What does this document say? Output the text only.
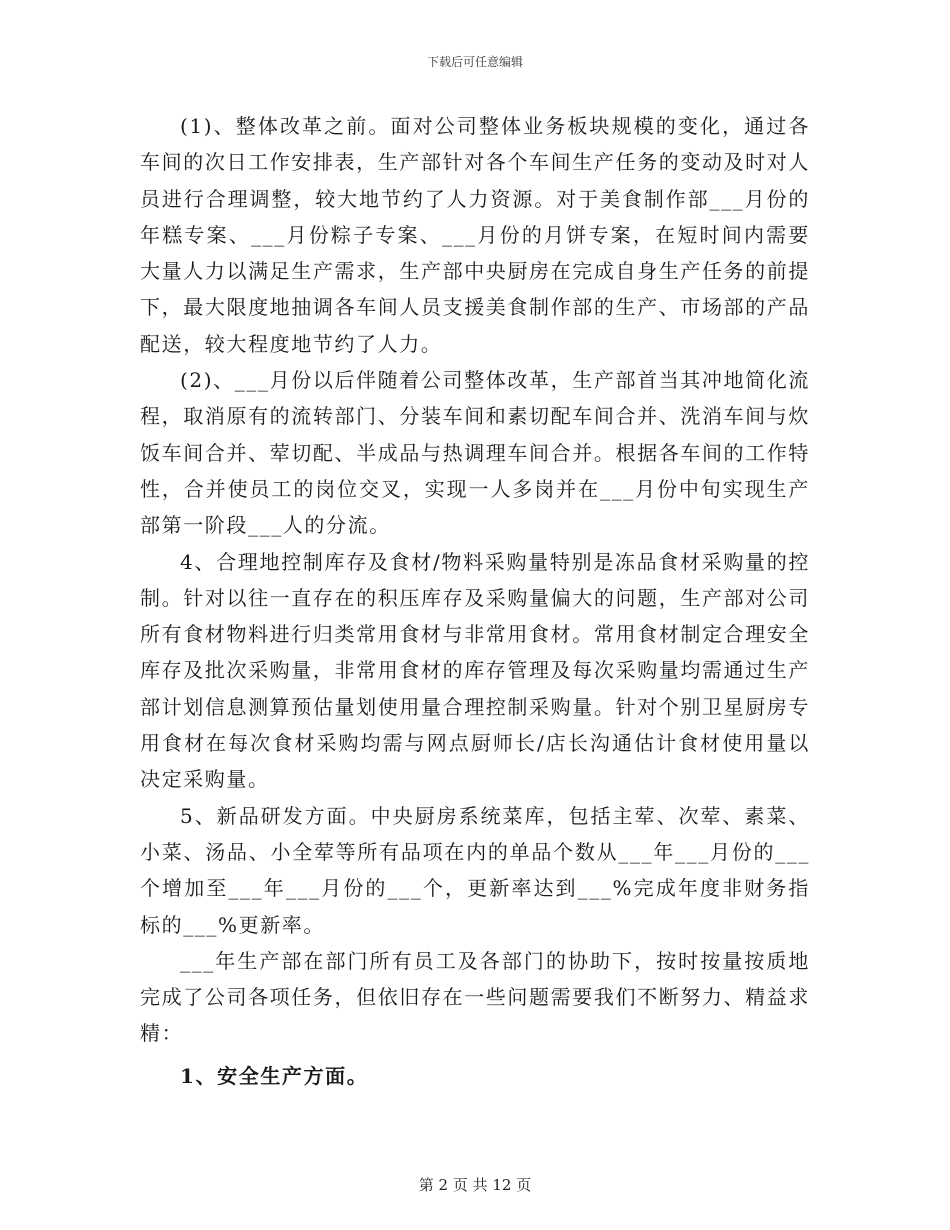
下载后可任意编辑

(1)、整体改革之前。面对公司整体业务板块规模的变化，通过各车间的次日工作安排表，生产部针对各个车间生产任务的变动及时对人员进行合理调整，较大地节约了人力资源。对于美食制作部___月份的年糕专案、___月份粽子专案、___月份的月饼专案，在短时间内需要大量人力以满足生产需求，生产部中央厨房在完成自身生产任务的前提下，最大限度地抽调各车间人员支援美食制作部的生产、市场部的产品配送，较大程度地节约了人力。

(2)、___月份以后伴随着公司整体改革，生产部首当其冲地简化流程，取消原有的流转部门、分装车间和素切配车间合并、洗消车间与炊饭车间合并、荤切配、半成品与热调理车间合并。根据各车间的工作特性，合并使员工的岗位交叉，实现一人多岗并在___月份中旬实现生产部第一阶段___人的分流。

4、合理地控制库存及食材/物料采购量特别是冻品食材采购量的控制。针对以往一直存在的积压库存及采购量偏大的问题，生产部对公司所有食材物料进行归类常用食材与非常用食材。常用食材制定合理安全库存及批次采购量，非常用食材的库存管理及每次采购量均需通过生产部计划信息测算预估量划使用量合理控制采购量。针对个别卫星厨房专用食材在每次食材采购均需与网点厨师长/店长沟通估计食材使用量以决定采购量。

5、新品研发方面。中央厨房系统菜库，包括主荤、次荤、素菜、小菜、汤品、小全荤等所有品项在内的单品个数从___年___月份的___个增加至___年___月份的___个，更新率达到___%完成年度非财务指标的___%更新率。

___年生产部在部门所有员工及各部门的协助下，按时按量按质地完成了公司各项任务，但依旧存在一些问题需要我们不断努力、精益求精：

1、安全生产方面。

第 2 页 共 12 页
